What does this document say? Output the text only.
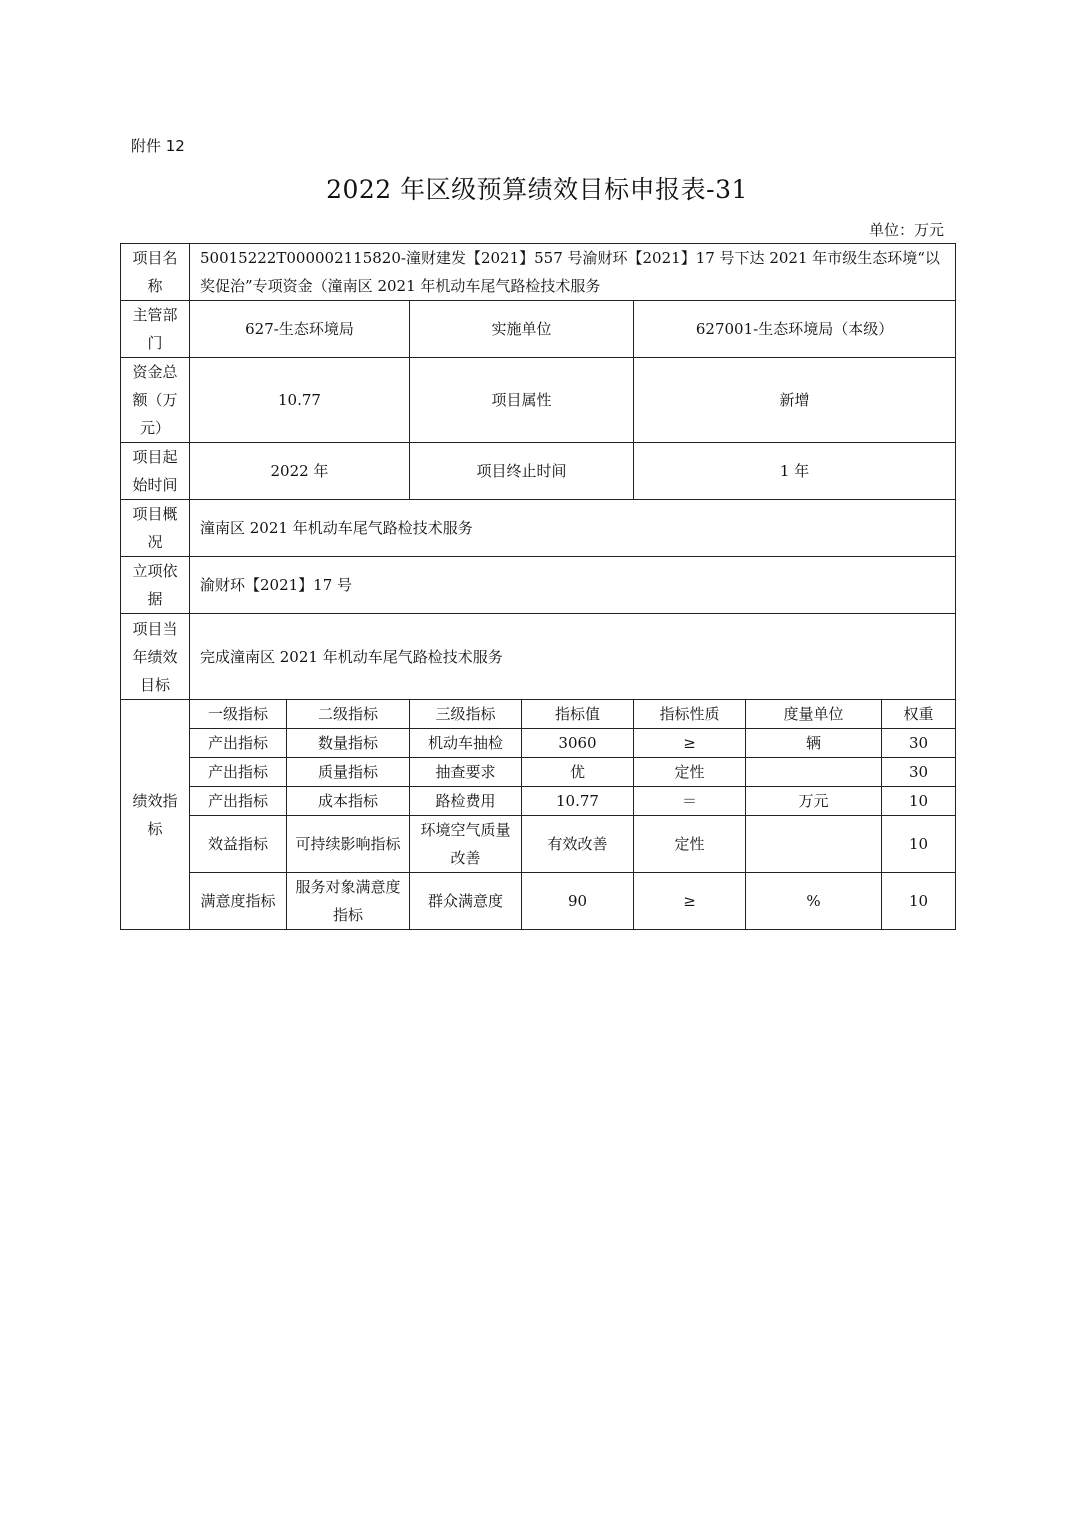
附件 12
2022 年区级预算绩效目标申报表-31
单位：万元
项目名称	50015222T000002115820-潼财建发【2021】557 号渝财环【2021】17 号下达 2021 年市级生态环境“以奖促治”专项资金（潼南区 2021 年机动车尾气路检技术服务						
主管部门	627-生态环境局		实施单位		627001-生态环境局（本级）		
资金总额（万元）	10.77		项目属性		新增		
项目起始时间	2022 年		项目终止时间		1 年		
项目概况	潼南区 2021 年机动车尾气路检技术服务						
立项依据	渝财环【2021】17 号						
项目当年绩效目标	完成潼南区 2021 年机动车尾气路检技术服务						
绩效指标	一级指标	二级指标	三级指标	指标值	指标性质	度量单位	权重
	产出指标	数量指标	机动车抽检	3060	≥	辆	30
	产出指标	质量指标	抽查要求	优	定性		30
	产出指标	成本指标	路检费用	10.77	＝	万元	10
	效益指标	可持续影响指标	环境空气质量改善	有效改善	定性		10
	满意度指标	服务对象满意度指标	群众满意度	90	≥	%	10
